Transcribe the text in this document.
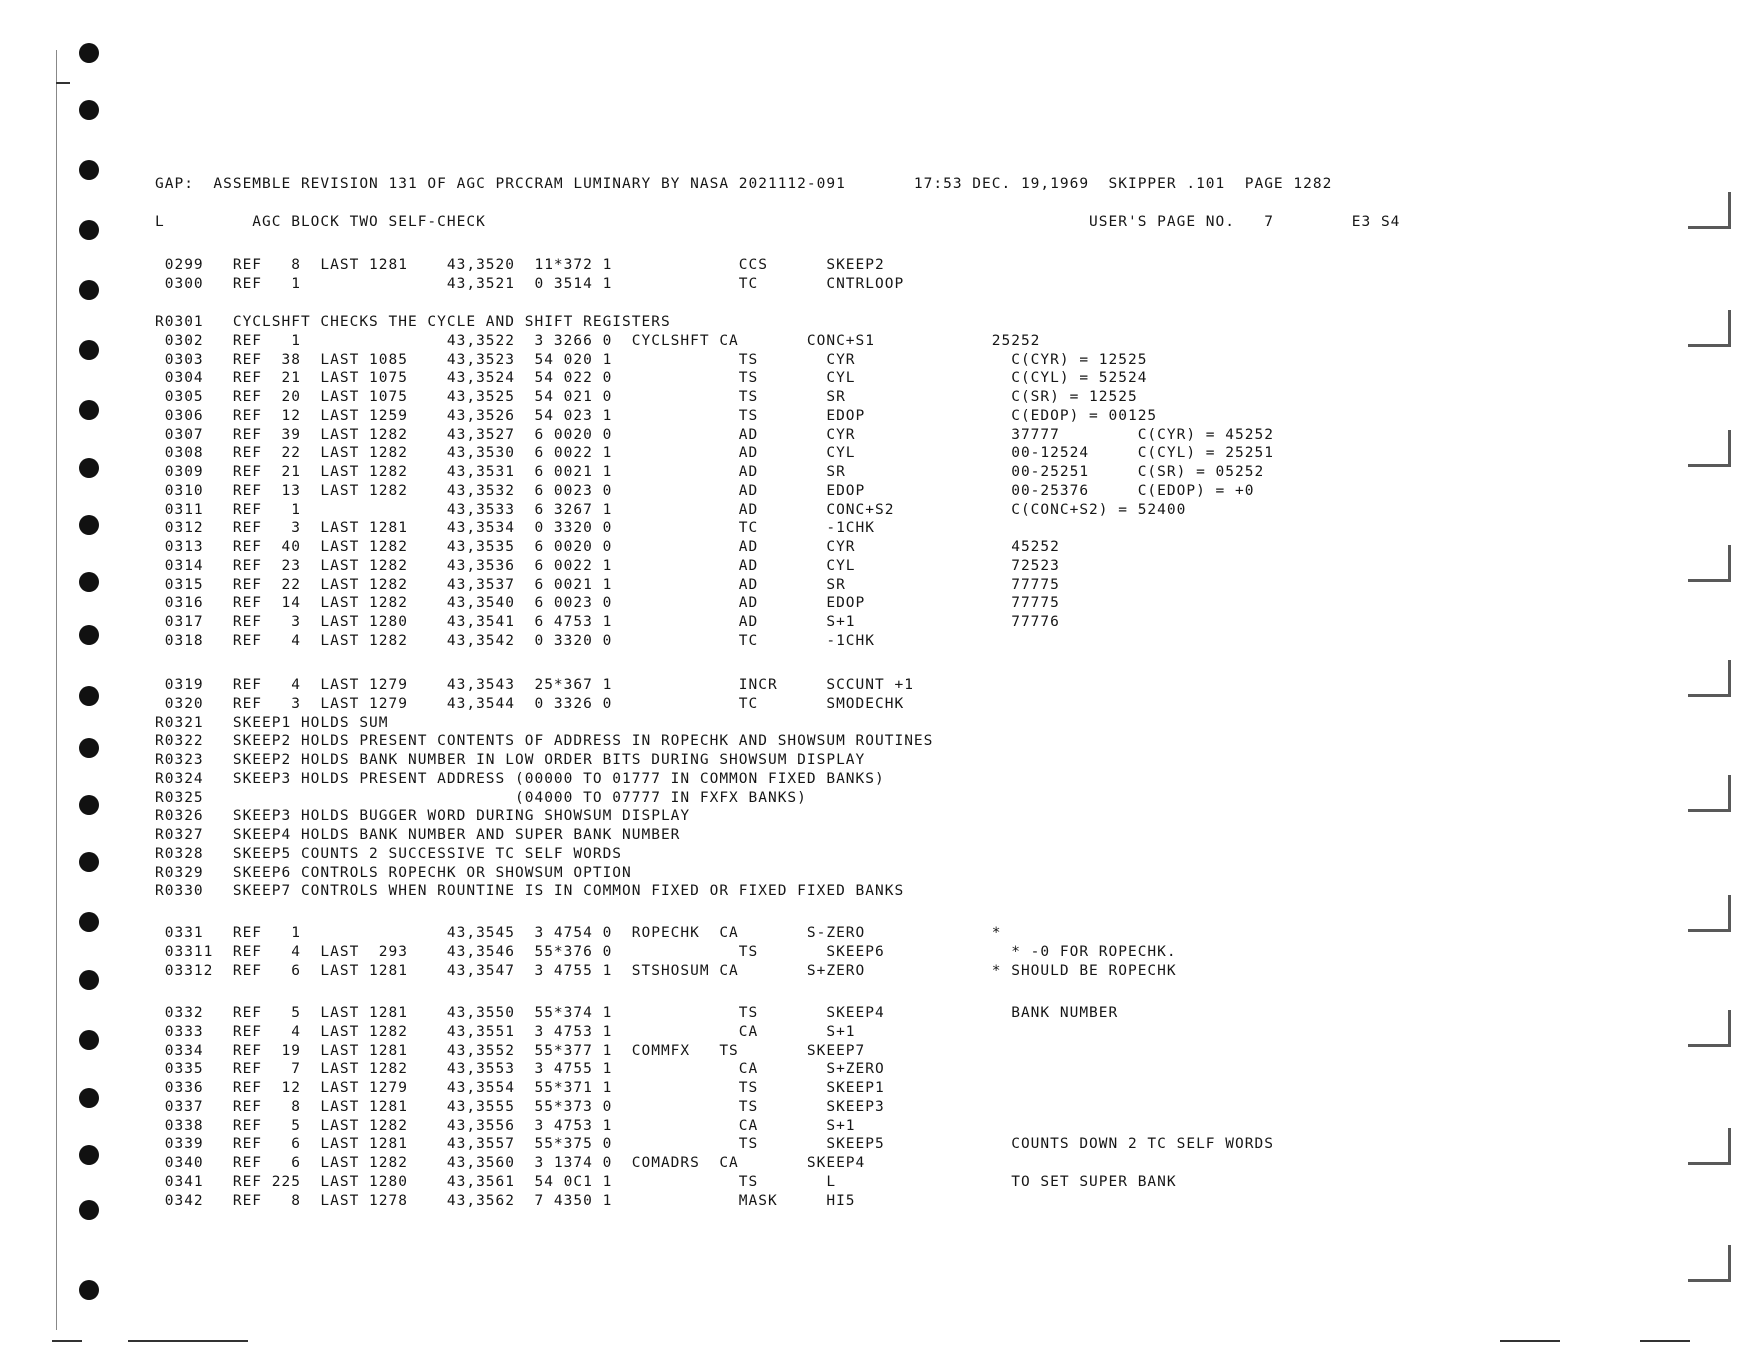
GAP:  ASSEMBLE REVISION 131 OF AGC PRCCRAM LUMINARY BY NASA 2021112-091       17:53 DEC. 19,1969  SKIPPER .101  PAGE 1282
L         AGC BLOCK TWO SELF-CHECK                                                              USER'S PAGE NO.   7        E3 S4
0299   REF   8  LAST 1281    43,3520  11*372 1             CCS      SKEEP2
0300   REF   1               43,3521  0 3514 1             TC       CNTRLOOP
R0301   CYCLSHFT CHECKS THE CYCLE AND SHIFT REGISTERS
0302   REF   1               43,3522  3 3266 0  CYCLSHFT CA       CONC+S1            25252
0303   REF  38  LAST 1085    43,3523  54 020 1             TS       CYR                C(CYR) = 12525
0304   REF  21  LAST 1075    43,3524  54 022 0             TS       CYL                C(CYL) = 52524
0305   REF  20  LAST 1075    43,3525  54 021 0             TS       SR                 C(SR) = 12525
0306   REF  12  LAST 1259    43,3526  54 023 1             TS       EDOP               C(EDOP) = 00125
0307   REF  39  LAST 1282    43,3527  6 0020 0             AD       CYR                37777        C(CYR) = 45252
0308   REF  22  LAST 1282    43,3530  6 0022 1             AD       CYL                00-12524     C(CYL) = 25251
0309   REF  21  LAST 1282    43,3531  6 0021 1             AD       SR                 00-25251     C(SR) = 05252
0310   REF  13  LAST 1282    43,3532  6 0023 0             AD       EDOP               00-25376     C(EDOP) = +0
0311   REF   1               43,3533  6 3267 1             AD       CONC+S2            C(CONC+S2) = 52400
0312   REF   3  LAST 1281    43,3534  0 3320 0             TC       -1CHK
0313   REF  40  LAST 1282    43,3535  6 0020 0             AD       CYR                45252
0314   REF  23  LAST 1282    43,3536  6 0022 1             AD       CYL                72523
0315   REF  22  LAST 1282    43,3537  6 0021 1             AD       SR                 77775
0316   REF  14  LAST 1282    43,3540  6 0023 0             AD       EDOP               77775
0317   REF   3  LAST 1280    43,3541  6 4753 1             AD       S+1                77776
0318   REF   4  LAST 1282    43,3542  0 3320 0             TC       -1CHK
0319   REF   4  LAST 1279    43,3543  25*367 1             INCR     SCCUNT +1
0320   REF   3  LAST 1279    43,3544  0 3326 0             TC       SMODECHK
R0321   SKEEP1 HOLDS SUM
R0322   SKEEP2 HOLDS PRESENT CONTENTS OF ADDRESS IN ROPECHK AND SHOWSUM ROUTINES
R0323   SKEEP2 HOLDS BANK NUMBER IN LOW ORDER BITS DURING SHOWSUM DISPLAY
R0324   SKEEP3 HOLDS PRESENT ADDRESS (00000 TO 01777 IN COMMON FIXED BANKS)
R0325                                (04000 TO 07777 IN FXFX BANKS)
R0326   SKEEP3 HOLDS BUGGER WORD DURING SHOWSUM DISPLAY
R0327   SKEEP4 HOLDS BANK NUMBER AND SUPER BANK NUMBER
R0328   SKEEP5 COUNTS 2 SUCCESSIVE TC SELF WORDS
R0329   SKEEP6 CONTROLS ROPECHK OR SHOWSUM OPTION
R0330   SKEEP7 CONTROLS WHEN ROUNTINE IS IN COMMON FIXED OR FIXED FIXED BANKS
0331   REF   1               43,3545  3 4754 0  ROPECHK  CA       S-ZERO             *
03311  REF   4  LAST  293    43,3546  55*376 0             TS       SKEEP6             * -0 FOR ROPECHK.
03312  REF   6  LAST 1281    43,3547  3 4755 1  STSHOSUM CA       S+ZERO             * SHOULD BE ROPECHK
0332   REF   5  LAST 1281    43,3550  55*374 1             TS       SKEEP4             BANK NUMBER
0333   REF   4  LAST 1282    43,3551  3 4753 1             CA       S+1
0334   REF  19  LAST 1281    43,3552  55*377 1  COMMFX   TS       SKEEP7
0335   REF   7  LAST 1282    43,3553  3 4755 1             CA       S+ZERO
0336   REF  12  LAST 1279    43,3554  55*371 1             TS       SKEEP1
0337   REF   8  LAST 1281    43,3555  55*373 0             TS       SKEEP3
0338   REF   5  LAST 1282    43,3556  3 4753 1             CA       S+1
0339   REF   6  LAST 1281    43,3557  55*375 0             TS       SKEEP5             COUNTS DOWN 2 TC SELF WORDS
0340   REF   6  LAST 1282    43,3560  3 1374 0  COMADRS  CA       SKEEP4
0341   REF 225  LAST 1280    43,3561  54 0C1 1             TS       L                  TO SET SUPER BANK
0342   REF   8  LAST 1278    43,3562  7 4350 1             MASK     HI5
